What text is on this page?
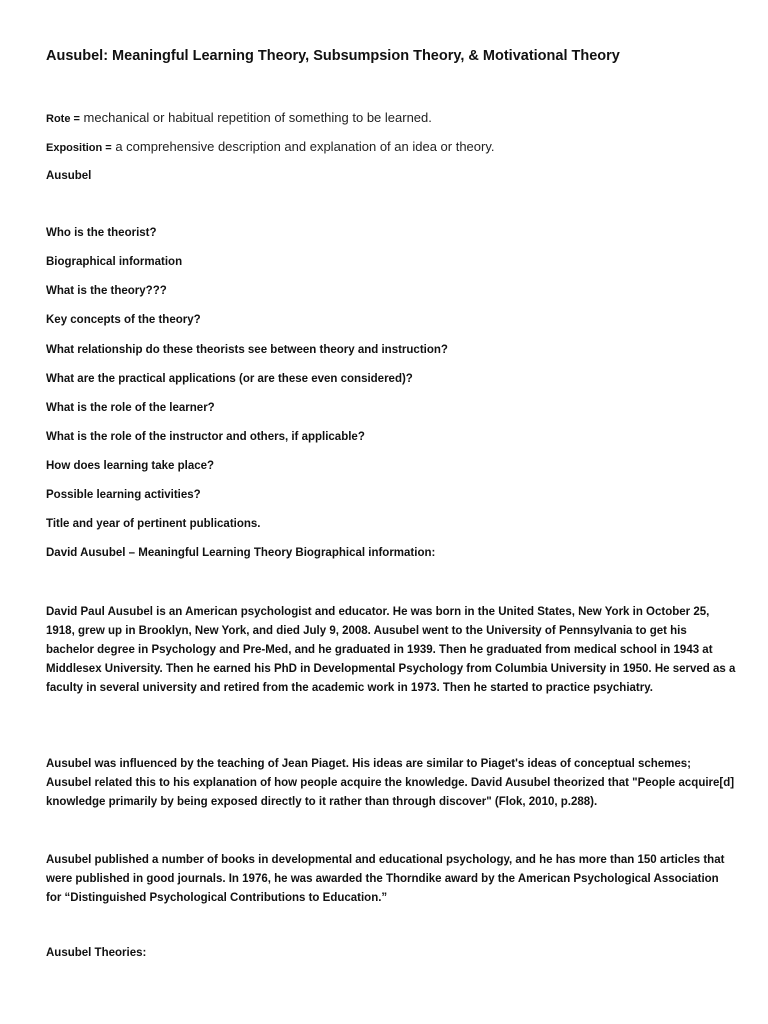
Ausubel: Meaningful Learning Theory, Subsumpsion Theory, & Motivational Theory
Rote = mechanical or habitual repetition of something to be learned.
Exposition = a comprehensive description and explanation of an idea or theory.
Ausubel
Who is the theorist?
Biographical information
What is the theory???
Key concepts of the theory?
What relationship do these theorists see between theory and instruction?
What are the practical applications (or are these even considered)?
What is the role of the learner?
What is the role of the instructor and others, if applicable?
How does learning take place?
Possible learning activities?
Title and year of pertinent publications.
David Ausubel – Meaningful Learning Theory Biographical information:
David Paul Ausubel is an American psychologist and educator. He was born in the United States, New York in October 25, 1918, grew up in Brooklyn, New York, and died July 9, 2008. Ausubel went to the University of Pennsylvania to get his bachelor degree in Psychology and Pre-Med, and he graduated in 1939. Then he graduated from medical school in 1943 at Middlesex University. Then he earned his PhD in Developmental Psychology from Columbia University in 1950. He served as a faculty in several university and retired from the academic work in 1973. Then he started to practice psychiatry.
Ausubel was influenced by the teaching of Jean Piaget. His ideas are similar to Piaget's ideas of conceptual schemes; Ausubel related this to his explanation of how people acquire the knowledge. David Ausubel theorized that "People acquire[d] knowledge primarily by being exposed directly to it rather than through discover" (Flok, 2010, p.288).
Ausubel published a number of books in developmental and educational psychology, and he has more than 150 articles that were published in good journals. In 1976, he was awarded the Thorndike award by the American Psychological Association for “Distinguished Psychological Contributions to Education.”
Ausubel Theories:
